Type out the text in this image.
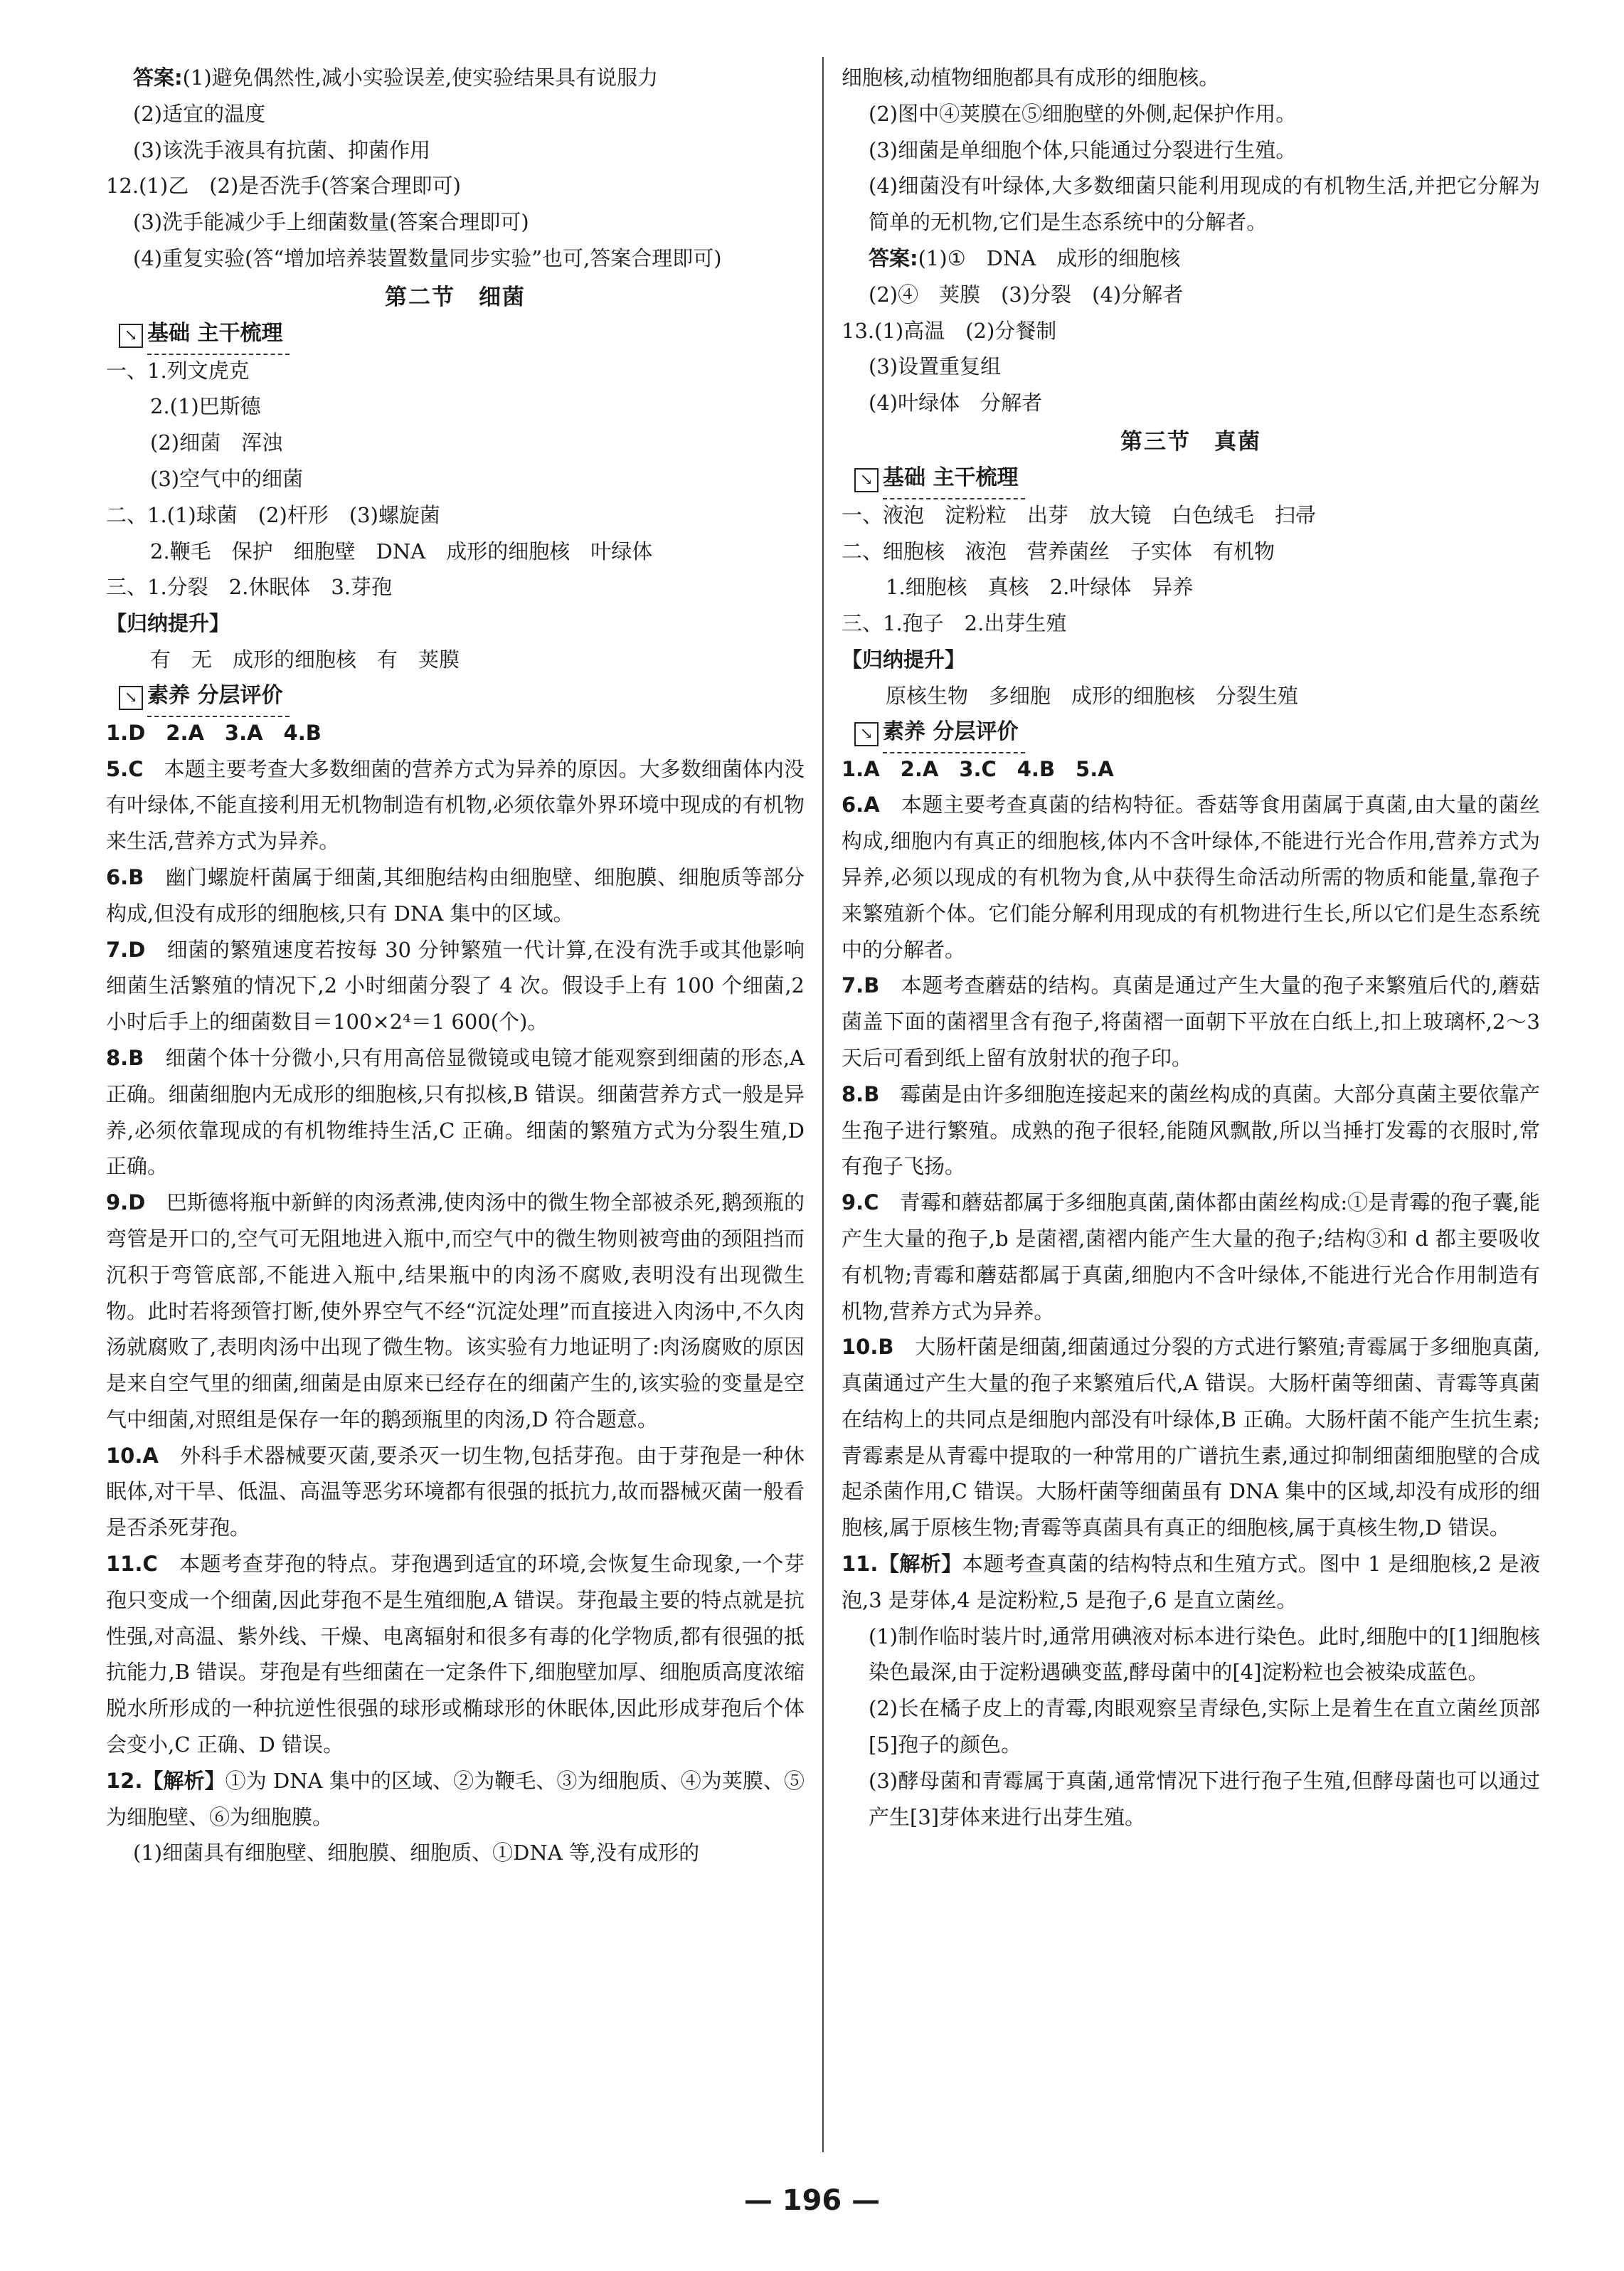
答案:(1)避免偶然性,减小实验误差,使实验结果具有说服力

(2)适宜的温度

(3)该洗手液具有抗菌、抑菌作用

12.(1)乙　(2)是否洗手(答案合理即可)

(3)洗手能减少手上细菌数量(答案合理即可)

(4)重复实验(答“增加培养装置数量同步实验”也可,答案合理即可)

第二节　细菌
↘ 基础 主干梳理

一、1.列文虎克

2.(1)巴斯德

(2)细菌　浑浊

(3)空气中的细菌

二、1.(1)球菌　(2)杆形　(3)螺旋菌

2.鞭毛　保护　细胞壁　DNA　成形的细胞核　叶绿体

三、1.分裂　2.休眠体　3.芽孢

【归纳提升】

有　无　成形的细胞核　有　荚膜

↘ 素养 分层评价

1.D　2.A　3.A　4.B

5.C　 本题主要考查大多数细菌的营养方式为异养的原因。大多数细菌体内没有叶绿体,不能直接利用无机物制造有机物,必须依靠外界环境中现成的有机物来生活,营养方式为异养。

6.B　 幽门螺旋杆菌属于细菌,其细胞结构由细胞壁、细胞膜、细胞质等部分构成,但没有成形的细胞核,只有 DNA 集中的区域。

7.D　 细菌的繁殖速度若按每 30 分钟繁殖一代计算,在没有洗手或其他影响细菌生活繁殖的情况下,2 小时细菌分裂了 4 次。假设手上有 100 个细菌,2 小时后手上的细菌数目＝100×2⁴＝1 600(个)。

8.B　 细菌个体十分微小,只有用高倍显微镜或电镜才能观察到细菌的形态,A 正确。细菌细胞内无成形的细胞核,只有拟核,B 错误。细菌营养方式一般是异养,必须依靠现成的有机物维持生活,C 正确。细菌的繁殖方式为分裂生殖,D 正确。

9.D　 巴斯德将瓶中新鲜的肉汤煮沸,使肉汤中的微生物全部被杀死,鹅颈瓶的弯管是开口的,空气可无阻地进入瓶中,而空气中的微生物则被弯曲的颈阻挡而沉积于弯管底部,不能进入瓶中,结果瓶中的肉汤不腐败,表明没有出现微生物。此时若将颈管打断,使外界空气不经“沉淀处理”而直接进入肉汤中,不久肉汤就腐败了,表明肉汤中出现了微生物。该实验有力地证明了:肉汤腐败的原因是来自空气里的细菌,细菌是由原来已经存在的细菌产生的,该实验的变量是空气中细菌,对照组是保存一年的鹅颈瓶里的肉汤,D 符合题意。

10.A　 外科手术器械要灭菌,要杀灭一切生物,包括芽孢。由于芽孢是一种休眠体,对干旱、低温、高温等恶劣环境都有很强的抵抗力,故而器械灭菌一般看是否杀死芽孢。

11.C　 本题考查芽孢的特点。芽孢遇到适宜的环境,会恢复生命现象,一个芽孢只变成一个细菌,因此芽孢不是生殖细胞,A 错误。芽孢最主要的特点就是抗性强,对高温、紫外线、干燥、电离辐射和很多有毒的化学物质,都有很强的抵抗能力,B 错误。芽孢是有些细菌在一定条件下,细胞壁加厚、细胞质高度浓缩脱水所形成的一种抗逆性很强的球形或椭球形的休眠体,因此形成芽孢后个体会变小,C 正确、D 错误。

12.【解析】①为 DNA 集中的区域、②为鞭毛、③为细胞质、④为荚膜、⑤为细胞壁、⑥为细胞膜。

(1)细菌具有细胞壁、细胞膜、细胞质、①DNA 等,没有成形的

细胞核,动植物细胞都具有成形的细胞核。

(2)图中④荚膜在⑤细胞壁的外侧,起保护作用。

(3)细菌是单细胞个体,只能通过分裂进行生殖。

(4)细菌没有叶绿体,大多数细菌只能利用现成的有机物生活,并把它分解为简单的无机物,它们是生态系统中的分解者。

答案:(1)①　DNA　成形的细胞核

(2)④　荚膜　(3)分裂　(4)分解者

13.(1)高温　(2)分餐制

(3)设置重复组

(4)叶绿体　分解者

第三节　真菌
↘ 基础 主干梳理

一、液泡　淀粉粒　出芽　放大镜　白色绒毛　扫帚

二、细胞核　液泡　营养菌丝　子实体　有机物

1.细胞核　真核　2.叶绿体　异养

三、1.孢子　2.出芽生殖

【归纳提升】

原核生物　多细胞　成形的细胞核　分裂生殖

↘ 素养 分层评价

1.A　2.A　3.C　4.B　5.A

6.A　 本题主要考查真菌的结构特征。香菇等食用菌属于真菌,由大量的菌丝构成,细胞内有真正的细胞核,体内不含叶绿体,不能进行光合作用,营养方式为异养,必须以现成的有机物为食,从中获得生命活动所需的物质和能量,靠孢子来繁殖新个体。它们能分解利用现成的有机物进行生长,所以它们是生态系统中的分解者。

7.B　 本题考查蘑菇的结构。真菌是通过产生大量的孢子来繁殖后代的,蘑菇菌盖下面的菌褶里含有孢子,将菌褶一面朝下平放在白纸上,扣上玻璃杯,2～3 天后可看到纸上留有放射状的孢子印。

8.B　 霉菌是由许多细胞连接起来的菌丝构成的真菌。大部分真菌主要依靠产生孢子进行繁殖。成熟的孢子很轻,能随风飘散,所以当捶打发霉的衣服时,常有孢子飞扬。

9.C　 青霉和蘑菇都属于多细胞真菌,菌体都由菌丝构成:①是青霉的孢子囊,能产生大量的孢子,b 是菌褶,菌褶内能产生大量的孢子;结构③和 d 都主要吸收有机物;青霉和蘑菇都属于真菌,细胞内不含叶绿体,不能进行光合作用制造有机物,营养方式为异养。

10.B　 大肠杆菌是细菌,细菌通过分裂的方式进行繁殖;青霉属于多细胞真菌,真菌通过产生大量的孢子来繁殖后代,A 错误。大肠杆菌等细菌、青霉等真菌在结构上的共同点是细胞内部没有叶绿体,B 正确。大肠杆菌不能产生抗生素;青霉素是从青霉中提取的一种常用的广谱抗生素,通过抑制细菌细胞壁的合成起杀菌作用,C 错误。大肠杆菌等细菌虽有 DNA 集中的区域,却没有成形的细胞核,属于原核生物;青霉等真菌具有真正的细胞核,属于真核生物,D 错误。

11.【解析】本题考查真菌的结构特点和生殖方式。图中 1 是细胞核,2 是液泡,3 是芽体,4 是淀粉粒,5 是孢子,6 是直立菌丝。

(1)制作临时装片时,通常用碘液对标本进行染色。此时,细胞中的[1]细胞核染色最深,由于淀粉遇碘变蓝,酵母菌中的[4]淀粉粒也会被染成蓝色。

(2)长在橘子皮上的青霉,肉眼观察呈青绿色,实际上是着生在直立菌丝顶部[5]孢子的颜色。

(3)酵母菌和青霉属于真菌,通常情况下进行孢子生殖,但酵母菌也可以通过产生[3]芽体来进行出芽生殖。

— 196 —
